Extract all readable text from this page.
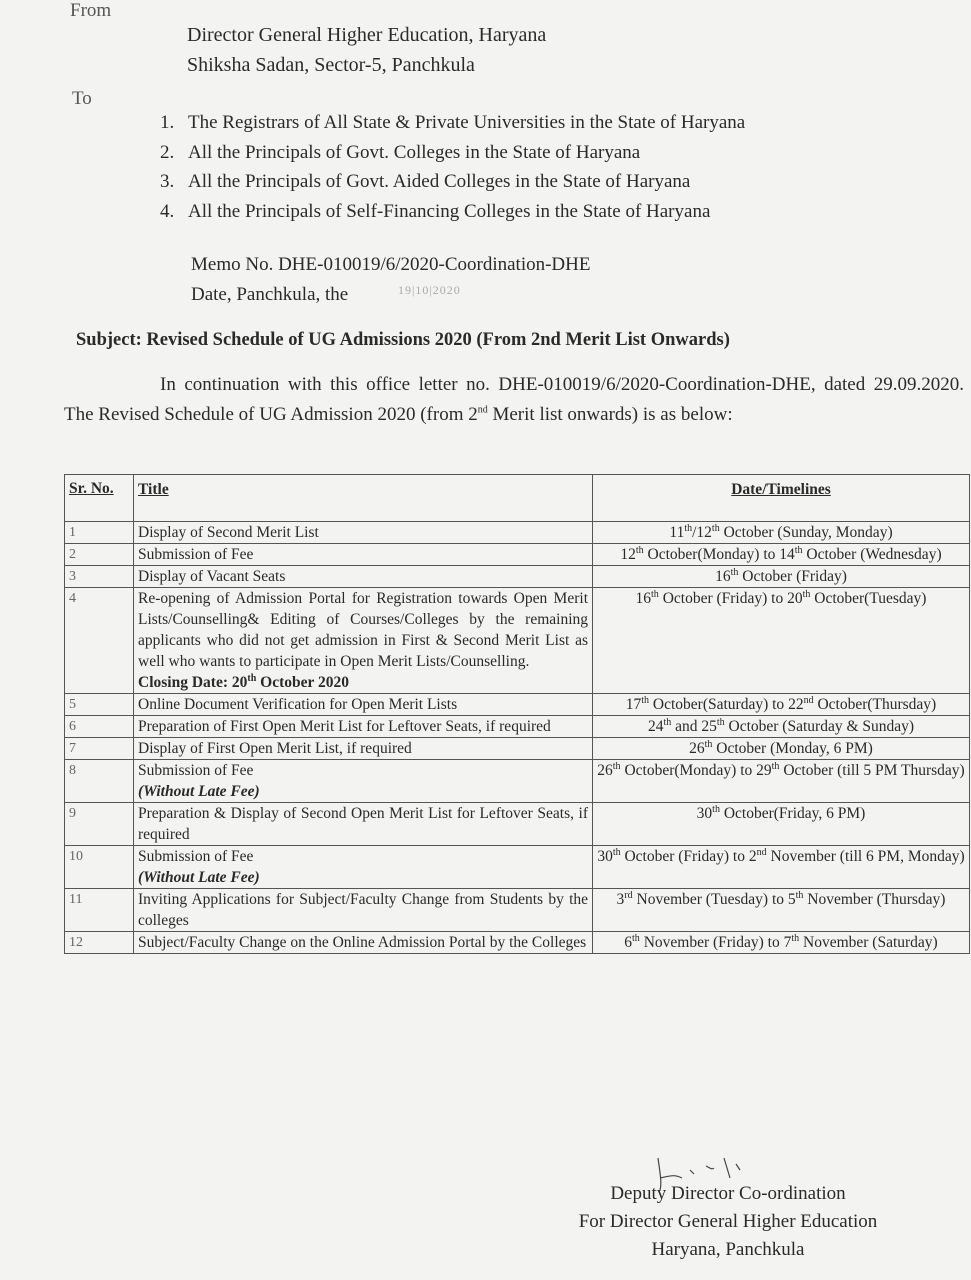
From
Director General Higher Education, Haryana
Shiksha Sadan, Sector-5, Panchkula
To
1. The Registrars of All State & Private Universities in the State of Haryana
2. All the Principals of Govt. Colleges in the State of Haryana
3. All the Principals of Govt. Aided Colleges in the State of Haryana
4. All the Principals of Self-Financing Colleges in the State of Haryana
Memo No. DHE-010019/6/2020-Coordination-DHE
Date, Panchkula, the	19|10|2020
Subject: Revised Schedule of UG Admissions 2020 (From 2nd Merit List Onwards)

In continuation with this office letter no. DHE-010019/6/2020-Coordination-DHE, dated 29.09.2020. The Revised Schedule of UG Admission 2020 (from 2nd Merit list onwards) is as below:

Sr. No.	Title	Date/Timelines
1	Display of Second Merit List	11th/12th October (Sunday, Monday)
2	Submission of Fee	12th October(Monday) to 14th October (Wednesday)
3	Display of Vacant Seats	16th October (Friday)
4	Re-opening of Admission Portal for Registration towards Open Merit Lists/Counselling& Editing of Courses/Colleges by the remaining applicants who did not get admission in First & Second Merit List as well who wants to participate in Open Merit Lists/Counselling.
Closing Date: 20th October 2020	16th October (Friday) to 20th October(Tuesday)
5	Online Document Verification for Open Merit Lists	17th October(Saturday) to 22nd October(Thursday)
6	Preparation of First Open Merit List for Leftover Seats, if required	24th and 25th October (Saturday & Sunday)
7	Display of First Open Merit List, if required	26th October (Monday, 6 PM)
8	Submission of Fee
(Without Late Fee)	26th October(Monday) to 29th October (till 5 PM Thursday)
9	Preparation & Display of Second Open Merit List for Leftover Seats, if required	30th October(Friday, 6 PM)
10	Submission of Fee
(Without Late Fee)	30th October (Friday) to 2nd November (till 6 PM, Monday)
11	Inviting Applications for Subject/Faculty Change from Students by the colleges	3rd November (Tuesday) to 5th November (Thursday)
12	Subject/Faculty Change on the Online Admission Portal by the Colleges	6th November (Friday) to 7th November (Saturday)
Deputy Director Co-ordination
For Director General Higher Education
Haryana, Panchkula
